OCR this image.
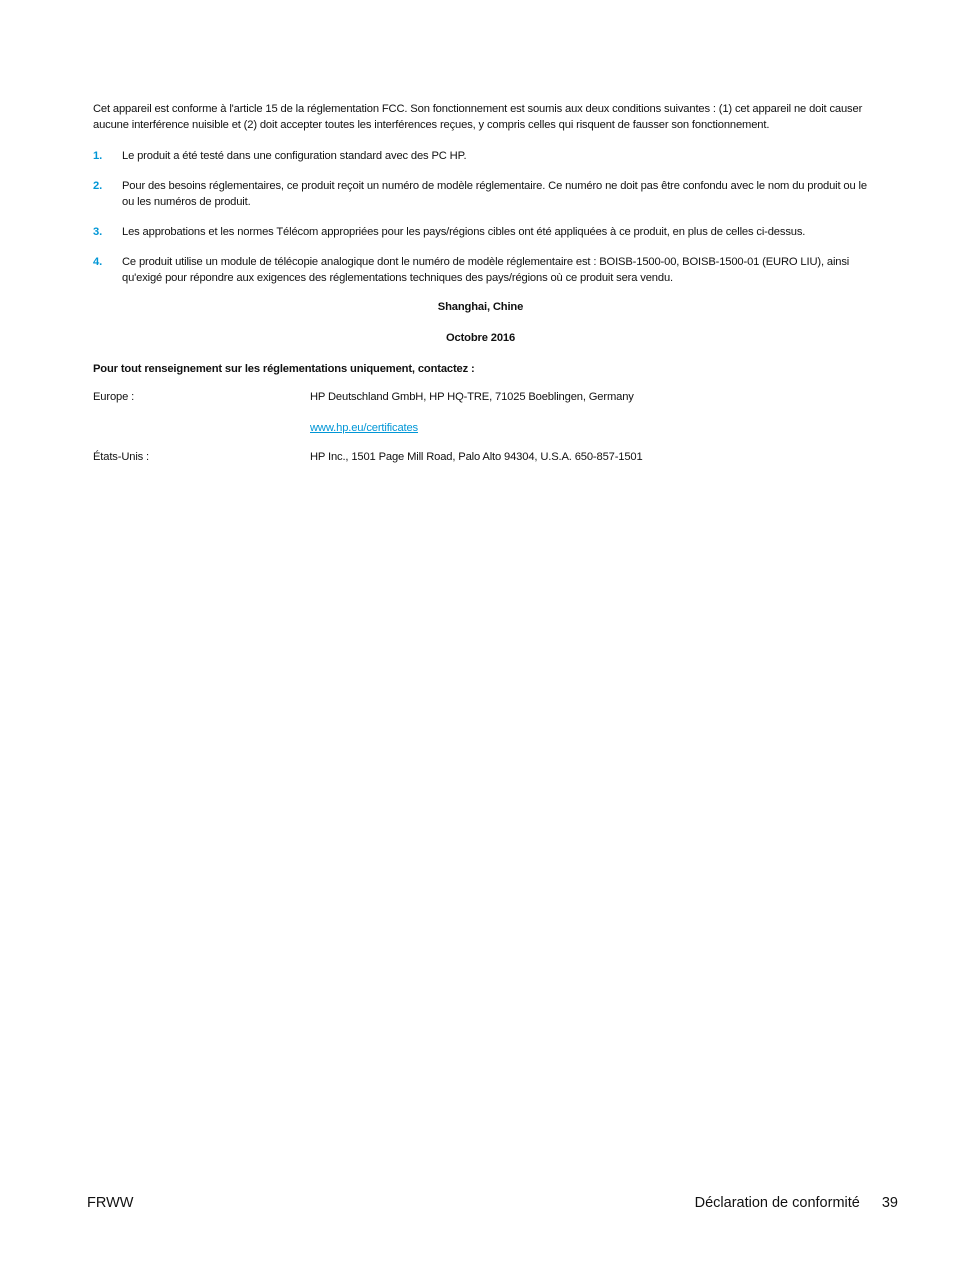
Cet appareil est conforme à l'article 15 de la réglementation FCC. Son fonctionnement est soumis aux deux conditions suivantes : (1) cet appareil ne doit causer aucune interférence nuisible et (2) doit accepter toutes les interférences reçues, y compris celles qui risquent de fausser son fonctionnement.

1.	Le produit a été testé dans une configuration standard avec des PC HP.
2.	Pour des besoins réglementaires, ce produit reçoit un numéro de modèle réglementaire. Ce numéro ne doit pas être confondu avec le nom du produit ou le ou les numéros de produit.
3.	Les approbations et les normes Télécom appropriées pour les pays/régions cibles ont été appliquées à ce produit, en plus de celles ci-dessus.
4.	Ce produit utilise un module de télécopie analogique dont le numéro de modèle réglementaire est : BOISB-1500-00, BOISB-1500-01 (EURO LIU), ainsi qu'exigé pour répondre aux exigences des réglementations techniques des pays/régions où ce produit sera vendu.

Shanghai, Chine

Octobre 2016

Pour tout renseignement sur les réglementations uniquement, contactez :

Europe :	HP Deutschland GmbH, HP HQ-TRE, 71025 Boeblingen, Germany
www.hp.eu/certificates
États-Unis :	HP Inc., 1501 Page Mill Road, Palo Alto 94304, U.S.A. 650-857-1501
FRWW	Déclaration de conformité 39
